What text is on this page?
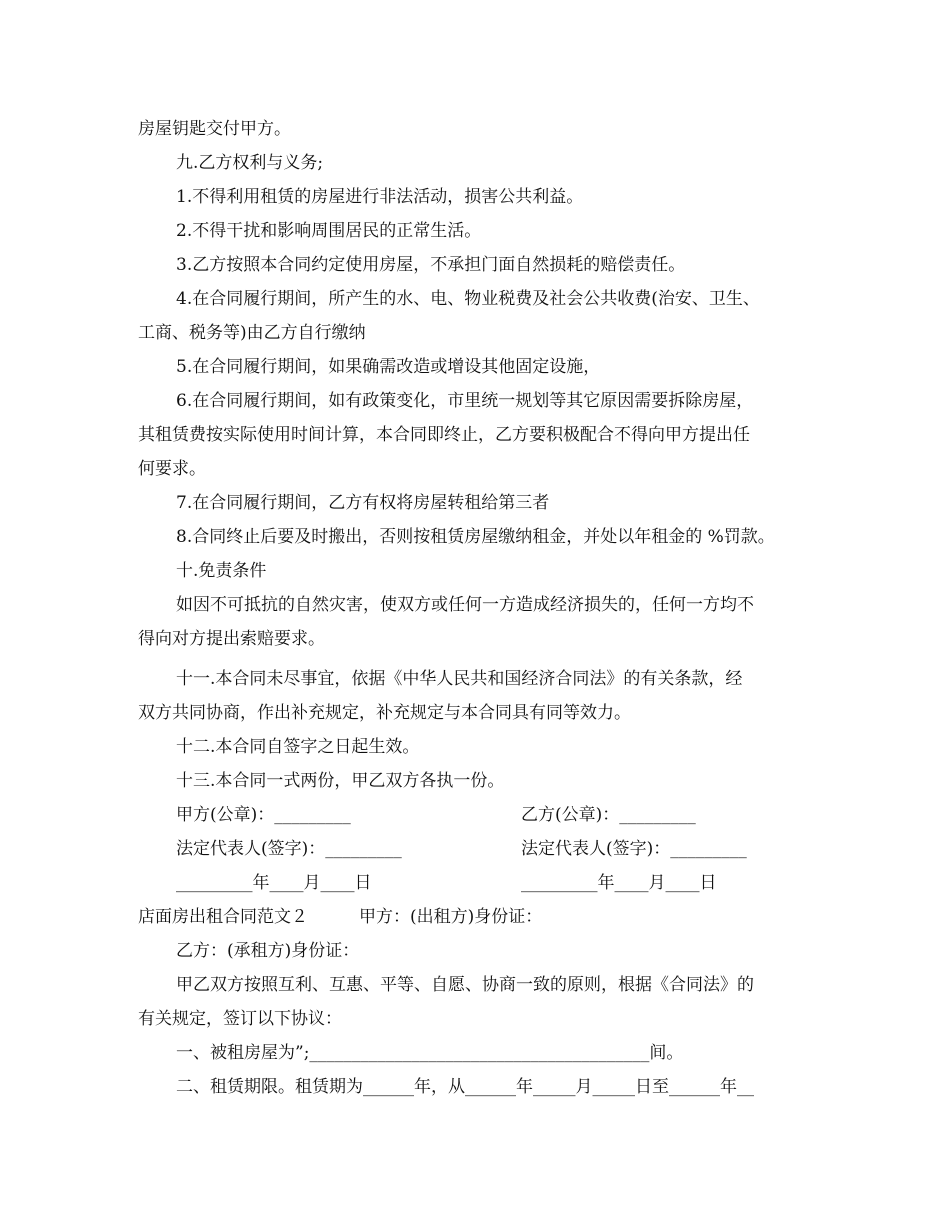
房屋钥匙交付甲方。
九.乙方权利与义务;
1.不得利用租赁的房屋进行非法活动，损害公共利益。
2.不得干扰和影响周围居民的正常生活。
3.乙方按照本合同约定使用房屋，不承担门面自然损耗的赔偿责任。
4.在合同履行期间，所产生的水、电、物业税费及社会公共收费(治安、卫生、
工商、税务等)由乙方自行缴纳
5.在合同履行期间，如果确需改造或增设其他固定设施，
6.在合同履行期间，如有政策变化，市里统一规划等其它原因需要拆除房屋，
其租赁费按实际使用时间计算，本合同即终止，乙方要积极配合不得向甲方提出任
何要求。
7.在合同履行期间，乙方有权将房屋转租给第三者
8.合同终止后要及时搬出，否则按租赁房屋缴纳租金，并处以年租金的 %罚款。
十.免责条件
如因不可抵抗的自然灾害，使双方或任何一方造成经济损失的，任何一方均不
得向对方提出索赔要求。
十一.本合同未尽事宜，依据《中华人民共和国经济合同法》的有关条款，经
双方共同协商，作出补充规定，补充规定与本合同具有同等效力。
十二.本合同自签字之日起生效。
十三.本合同一式两份，甲乙双方各执一份。
甲方(公章)：_________	乙方(公章)：_________
法定代表人(签字)：_________	法定代表人(签字)：_________
_________年____月____日	_________年____月____日
店面房出租合同范文２	甲方：(出租方)身份证：
乙方：(承租方)身份证：
甲乙双方按照互利、互惠、平等、自愿、协商一致的原则，根据《合同法》的
有关规定，签订以下协议：
一、被租房屋为”;________________________________________间。
二、租赁期限。租赁期为______年，从______年_____月_____日至______年__
